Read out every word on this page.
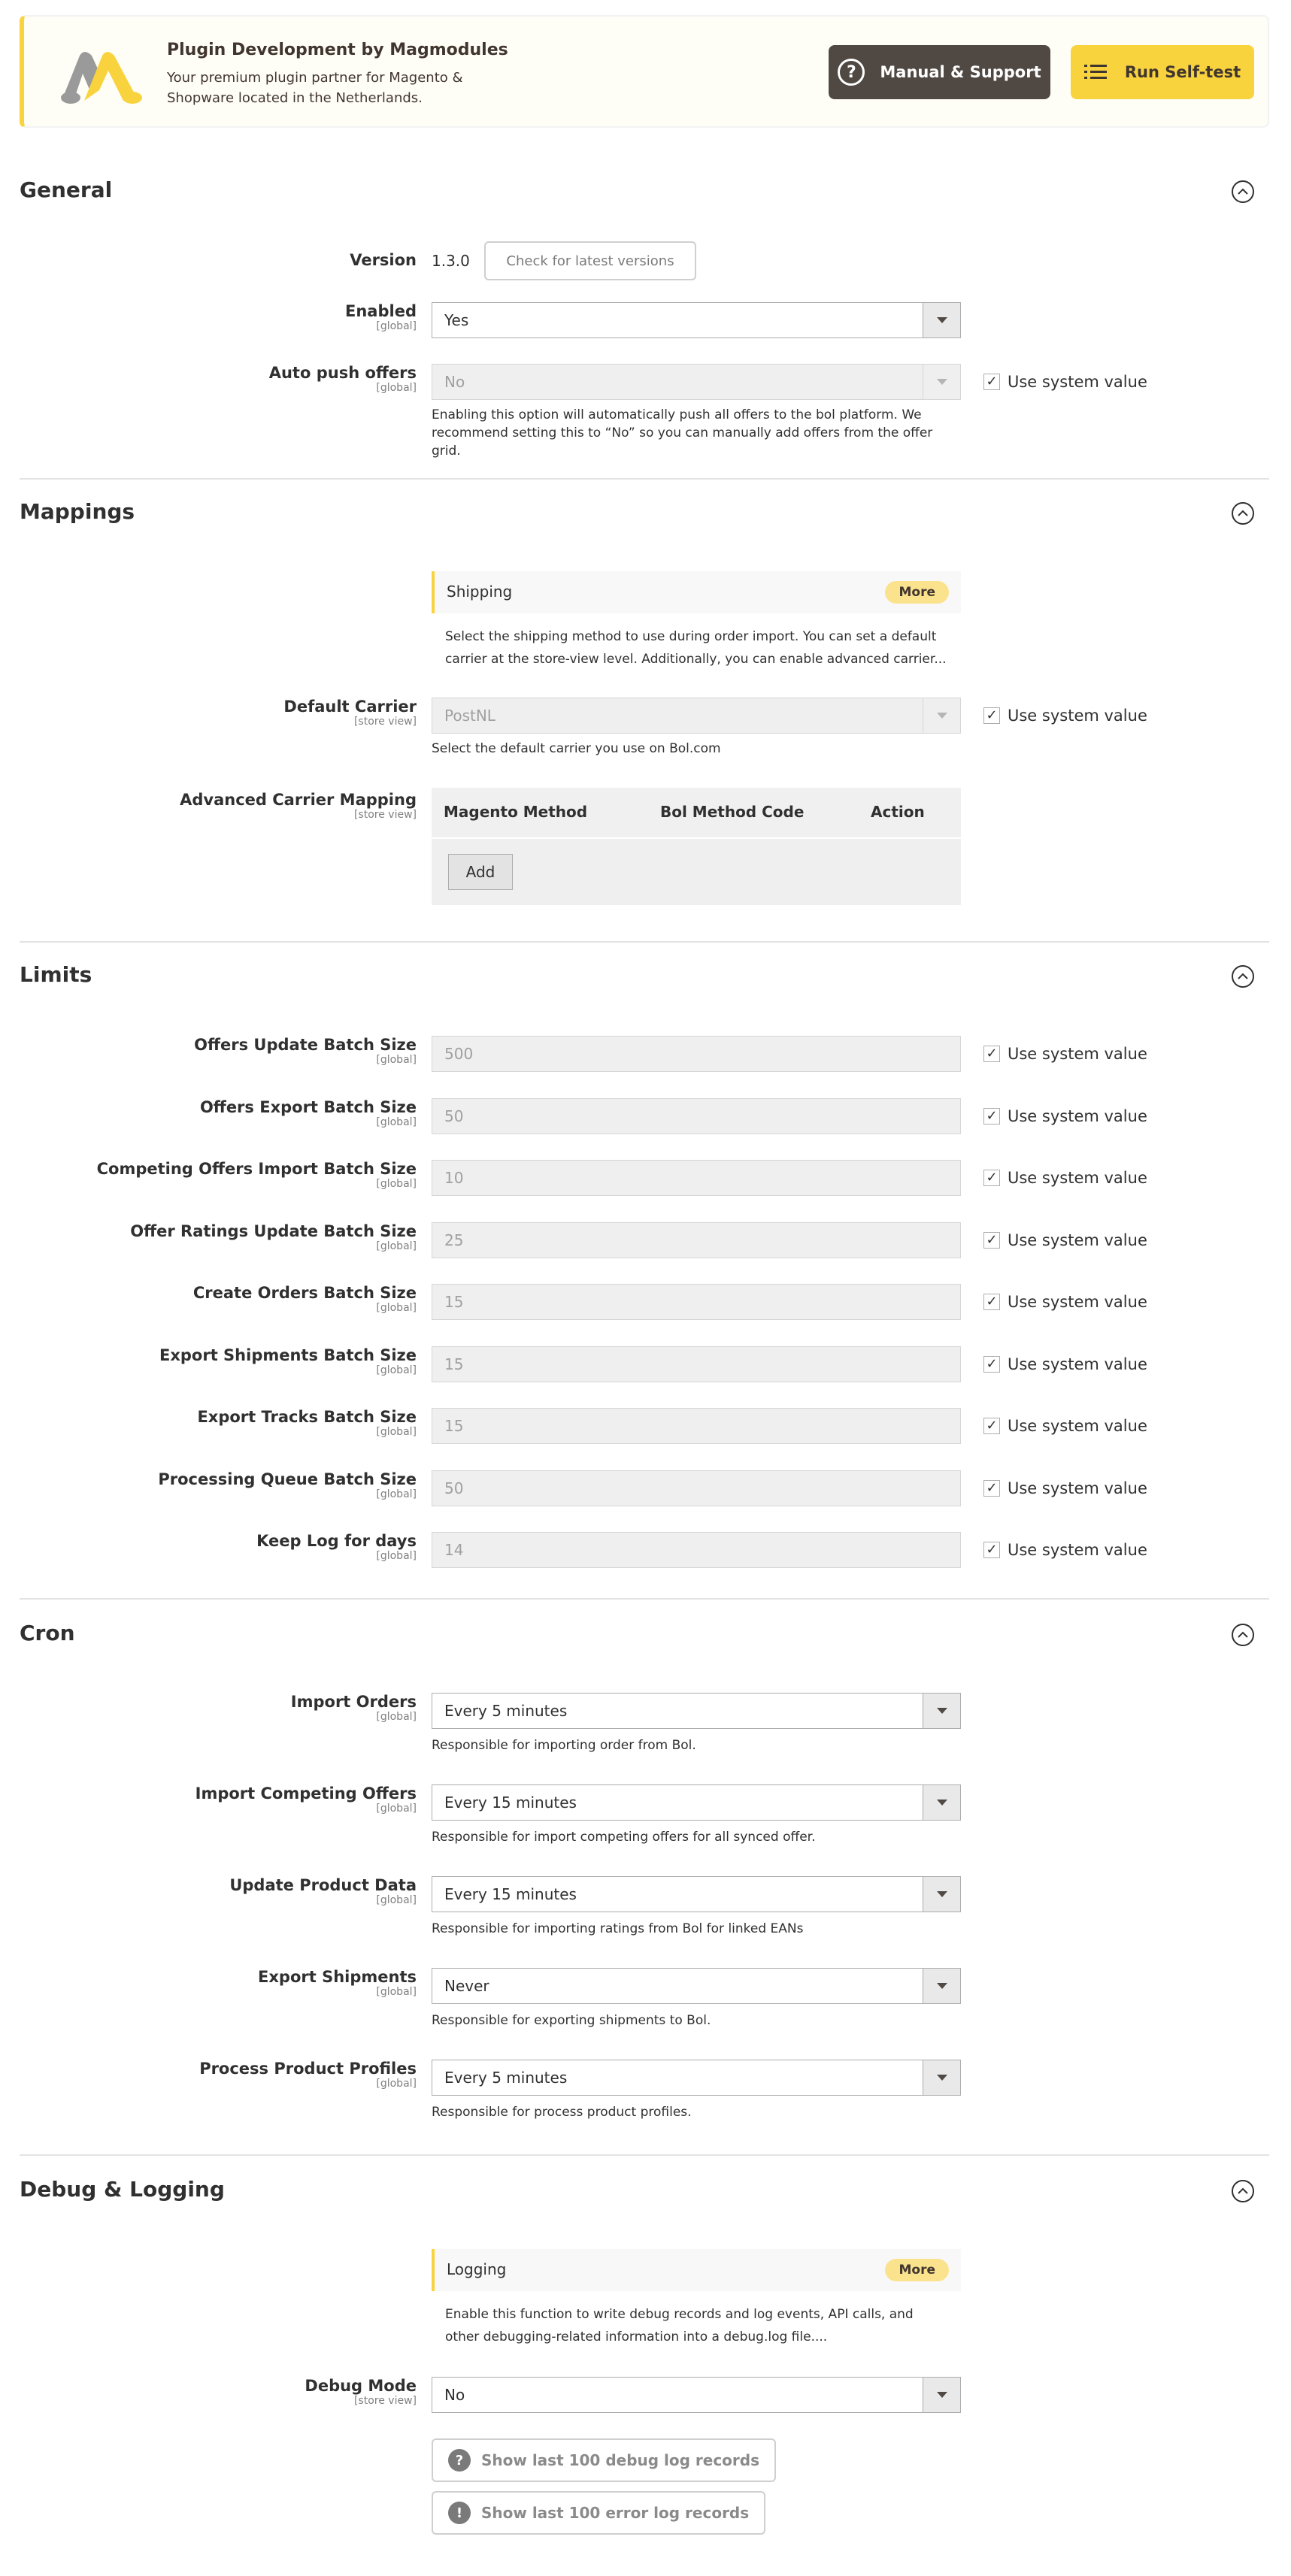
Plugin Development by Magmodules
Your premium plugin partner for Magento & Shopware located in the Netherlands.
?	Manual & Support	Run Self-test
General
Version 1.3.0	Check for latest versions
Enabled
[global] Yes
Auto push offers
[global] No	✓ Use system value
Enabling this option will automatically push all offers to the bol platform. We recommend setting this to “No” so you can manually add offers from the offer grid.
Mappings
Shipping	More
Select the shipping method to use during order import. You can set a default carrier at the store-view level. Additionally, you can enable advanced carrier...
Default Carrier
[store view] PostNL	✓ Use system value
Select the default carrier you use on Bol.com
Advanced Carrier Mapping
[store view] Magento Method	Bol Method Code	Action
Add
Limits
Offers Update Batch Size
[global] 500	✓ Use system value
Offers Export Batch Size
[global] 50	✓ Use system value
Competing Offers Import Batch Size
[global] 10	✓ Use system value
Offer Ratings Update Batch Size
[global] 25	✓ Use system value
Create Orders Batch Size
[global] 15	✓ Use system value
Export Shipments Batch Size
[global] 15	✓ Use system value
Export Tracks Batch Size
[global] 15	✓ Use system value
Processing Queue Batch Size
[global] 50	✓ Use system value
Keep Log for days
[global] 14	✓ Use system value
Cron
Import Orders
[global] Every 5 minutes
Responsible for importing order from Bol.
Import Competing Offers
[global] Every 15 minutes
Responsible for import competing offers for all synced offer.
Update Product Data
[global] Every 15 minutes
Responsible for importing ratings from Bol for linked EANs
Export Shipments
[global] Never
Responsible for exporting shipments to Bol.
Process Product Profiles
[global] Every 5 minutes
Responsible for process product profiles.
Debug & Logging
Logging	More
Enable this function to write debug records and log events, API calls, and other debugging-related information into a debug.log file....
Debug Mode
[store view] No
?	Show last 100 debug log records
!	Show last 100 error log records
